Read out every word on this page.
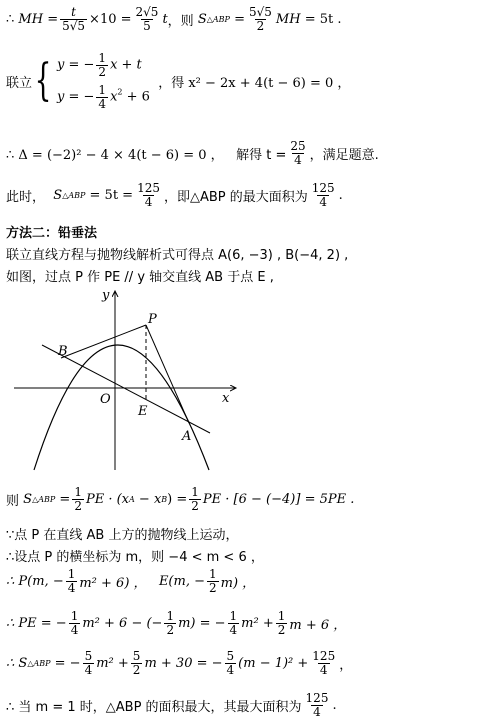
∴
MH
= $\frac{t}{5√5} \times 10 = \frac{2√5}{5}$ t ，则
S △ABP
= $\frac{5√5}{2}$ MH
= 5t .
联立 { y = − $\frac{1}{2}$ x + t
y = − $\frac{1}{4} x^2 + 6$

，得 x² − 2x + 4(t − 6) = 0 ，
∴ Δ = (−2)² − 4 × 4(t − 6) = 0 ，
解得 $t = \frac{25}{4}$ ，满足题意.
此时，
S △ABP
= $5t = \frac{125}{4}$ ，即△ABP 的最大面积为 $\frac{125}{4}$ .
方法二：铅垂法
联立直线方程与抛物线解析式可得点 A(6, −3) , B(−4, 2) ,
如图，过点 P 作 PE // y 轴交直线 AB 于点 E ,
y
x
O
P
B
E
A
则
S △ABP
= $\frac{1}{2}$ PE · (x A
− x B ) = $\frac{1}{2}$ PE · [6 − (−4)] = 5PE .
∵点 P 在直线 AB 上方的抛物线上运动，
∴设点 P 的横坐标为 m，则 −4 < m < 6 ，
∴ P(m, − $\frac{1}{4} m^2 + 6$) ，
E(m, − $\frac{1}{2} m$) ，
∴ PE = − $\frac{1}{4} m^2 + 6$ − (− $\frac{1}{2} m$) = − $\frac{1}{4} m^2 + \frac{1}{2}$ m + 6 ，
∴ S △ABP
= − $\frac{5}{4} m^2 + \frac{5}{2}$ m + 30 = − $\frac{5}{4} (m - 1)^2 + \frac{125}{4}$ ，
∴ 当 m = 1 时，△ABP 的面积最大，其最大面积为 $\frac{125}{4}$ .
